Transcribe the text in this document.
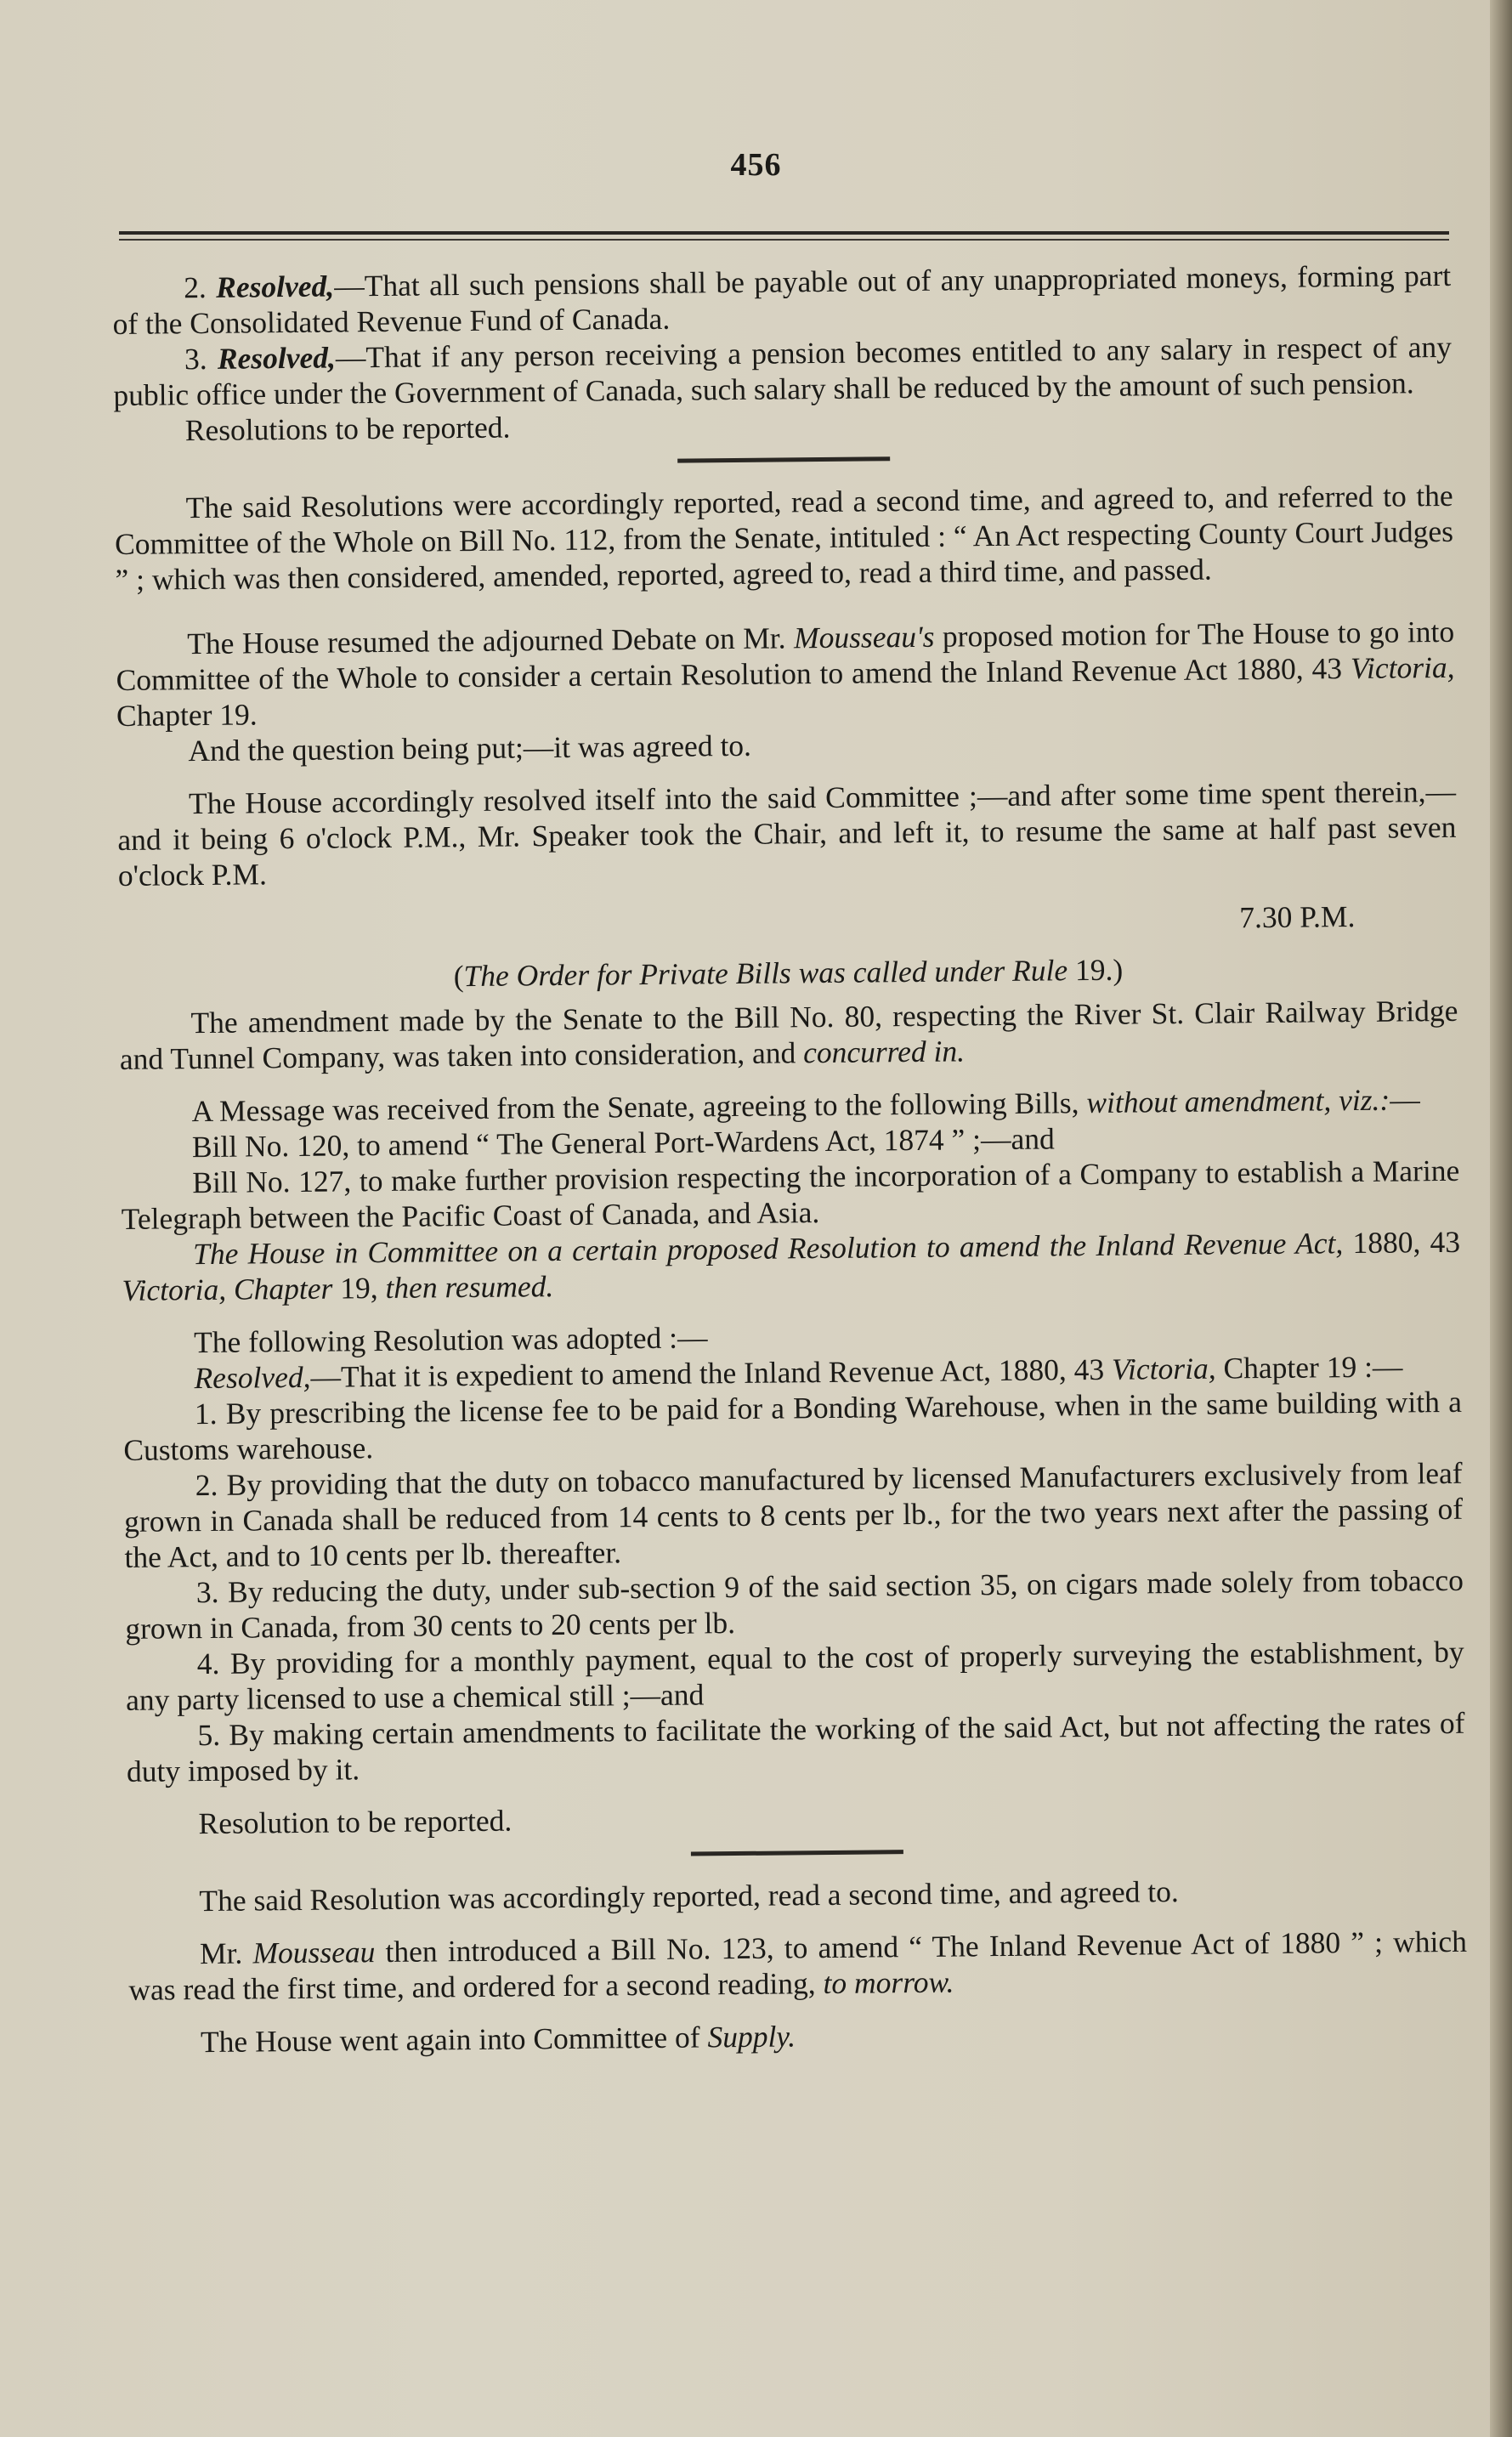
456

2. Resolved,—That all such pensions shall be payable out of any unappropriated moneys, forming part of the Consolidated Revenue Fund of Canada.

3. Resolved,—That if any person receiving a pension becomes entitled to any salary in respect of any public office under the Government of Canada, such salary shall be reduced by the amount of such pension.

Resolutions to be reported.

The said Resolutions were accordingly reported, read a second time, and agreed to, and referred to the Committee of the Whole on Bill No. 112, from the Senate, intituled : “ An Act respecting County Court Judges ” ; which was then considered, amended, reported, agreed to, read a third time, and passed.

The House resumed the adjourned Debate on Mr. Mousseau's proposed motion for The House to go into Committee of the Whole to consider a certain Resolution to amend the Inland Revenue Act 1880, 43 Victoria, Chapter 19.

And the question being put;—it was agreed to.

The House accordingly resolved itself into the said Committee ;—and after some time spent therein,—and it being 6 o'clock P.M., Mr. Speaker took the Chair, and left it, to resume the same at half past seven o'clock P.M.

7.30 P.M.

(The Order for Private Bills was called under Rule 19.)

The amendment made by the Senate to the Bill No. 80, respecting the River St. Clair Railway Bridge and Tunnel Company, was taken into consideration, and concurred in.

A Message was received from the Senate, agreeing to the following Bills, without amendment, viz.:—

Bill No. 120, to amend “ The General Port-Wardens Act, 1874 ” ;—and

Bill No. 127, to make further provision respecting the incorporation of a Company to establish a Marine Telegraph between the Pacific Coast of Canada, and Asia.

The House in Committee on a certain proposed Resolution to amend the Inland Revenue Act, 1880, 43 Victoria, Chapter 19, then resumed.

The following Resolution was adopted :—

Resolved,—That it is expedient to amend the Inland Revenue Act, 1880, 43 Victoria, Chapter 19 :—

1. By prescribing the license fee to be paid for a Bonding Warehouse, when in the same building with a Customs warehouse.

2. By providing that the duty on tobacco manufactured by licensed Manufacturers exclusively from leaf grown in Canada shall be reduced from 14 cents to 8 cents per lb., for the two years next after the passing of the Act, and to 10 cents per lb. thereafter.

3. By reducing the duty, under sub-section 9 of the said section 35, on cigars made solely from tobacco grown in Canada, from 30 cents to 20 cents per lb.

4. By providing for a monthly payment, equal to the cost of properly surveying the establishment, by any party licensed to use a chemical still ;—and

5. By making certain amendments to facilitate the working of the said Act, but not affecting the rates of duty imposed by it.

Resolution to be reported.

The said Resolution was accordingly reported, read a second time, and agreed to.

Mr. Mousseau then introduced a Bill No. 123, to amend “ The Inland Revenue Act of 1880 ” ; which was read the first time, and ordered for a second reading, to morrow.

The House went again into Committee of Supply.
